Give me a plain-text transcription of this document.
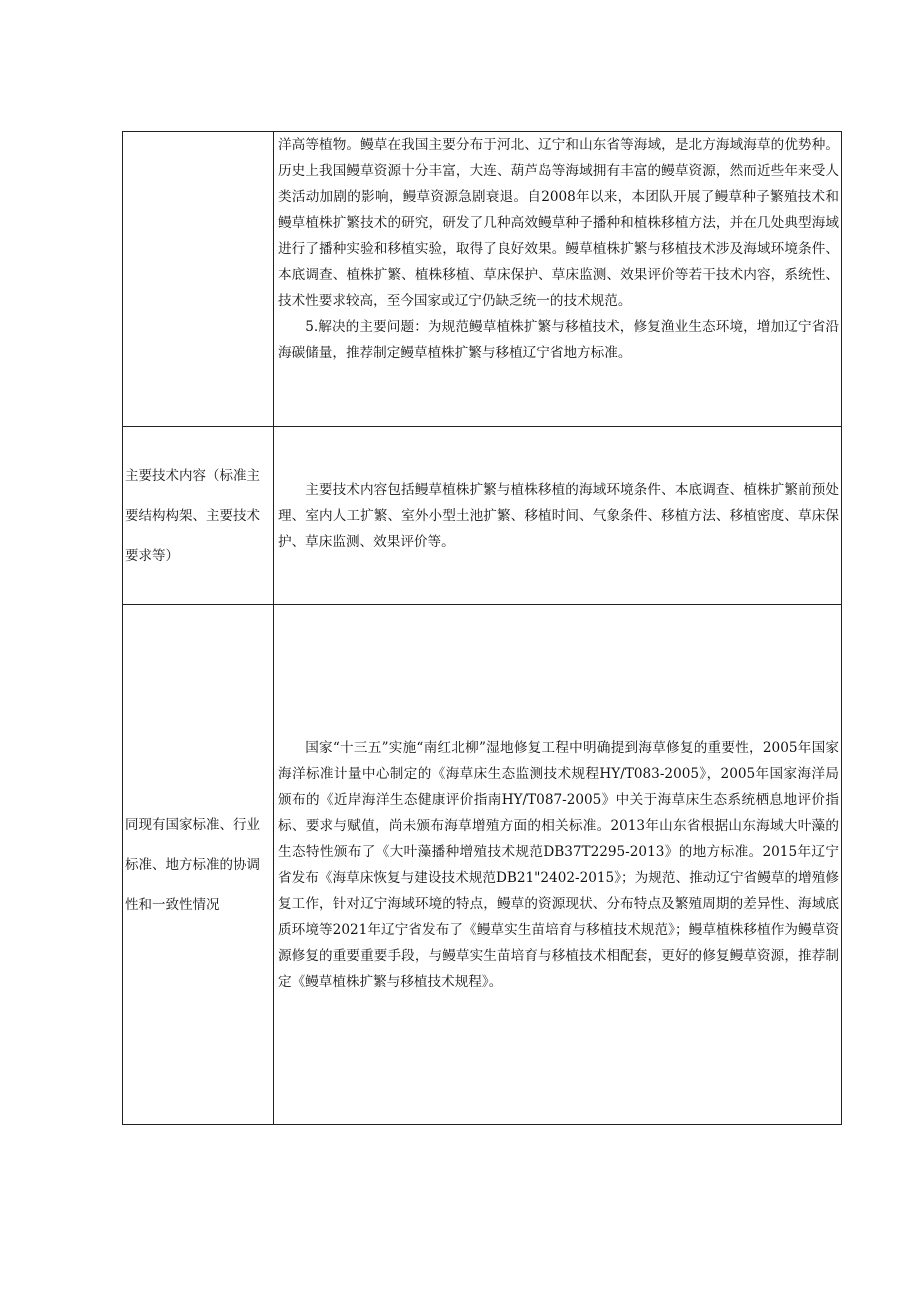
	洋高等植物。鳗草在我国主要分布于河北、辽宁和山东省等海域，是北方海域海草的优势种。历史上我国鳗草资源十分丰富，大连、葫芦岛等海域拥有丰富的鳗草资源，然而近些年来受人类活动加剧的影响，鳗草资源急剧衰退。自2008年以来，本团队开展了鳗草种子繁殖技术和鳗草植株扩繁技术的研究，研发了几种高效鳗草种子播种和植株移植方法，并在几处典型海域进行了播种实验和移植实验，取得了良好效果。鳗草植株扩繁与移植技术涉及海域环境条件、本底调查、植株扩繁、植株移植、草床保护、草床监测、效果评价等若干技术内容，系统性、技术性要求较高，至今国家或辽宁仍缺乏统一的技术规范。

5.解决的主要问题：为规范鳗草植株扩繁与移植技术，修复渔业生态环境，增加辽宁省沿海碳储量，推荐制定鳗草植株扩繁与移植辽宁省地方标准。

主要技术内容（标准主要结构构架、主要技术要求等）	主要技术内容包括鳗草植株扩繁与植株移植的海域环境条件、本底调查、植株扩繁前预处理、室内人工扩繁、室外小型土池扩繁、移植时间、气象条件、移植方法、移植密度、草床保护、草床监测、效果评价等。

同现有国家标准、行业标准、地方标准的协调性和一致性情况	国家“十三五”实施“南红北柳”湿地修复工程中明确提到海草修复的重要性，2005年国家海洋标准计量中心制定的《海草床生态监测技术规程HY/T083-2005》，2005年国家海洋局颁布的《近岸海洋生态健康评价指南HY/T087-2005》中关于海草床生态系统栖息地评价指标、要求与赋值，尚未颁布海草增殖方面的相关标准。2013年山东省根据山东海域大叶藻的生态特性颁布了《大叶藻播种增殖技术规范DB37T2295-2013》的地方标准。2015年辽宁省发布《海草床恢复与建设技术规范DB21"2402-2015》；为规范、推动辽宁省鳗草的增殖修复工作，针对辽宁海域环境的特点，鳗草的资源现状、分布特点及繁殖周期的差异性、海域底质环境等2021年辽宁省发布了《鳗草实生苗培育与移植技术规范》；鳗草植株移植作为鳗草资源修复的重要重要手段，与鳗草实生苗培育与移植技术相配套，更好的修复鳗草资源，推荐制定《鳗草植株扩繁与移植技术规程》。
